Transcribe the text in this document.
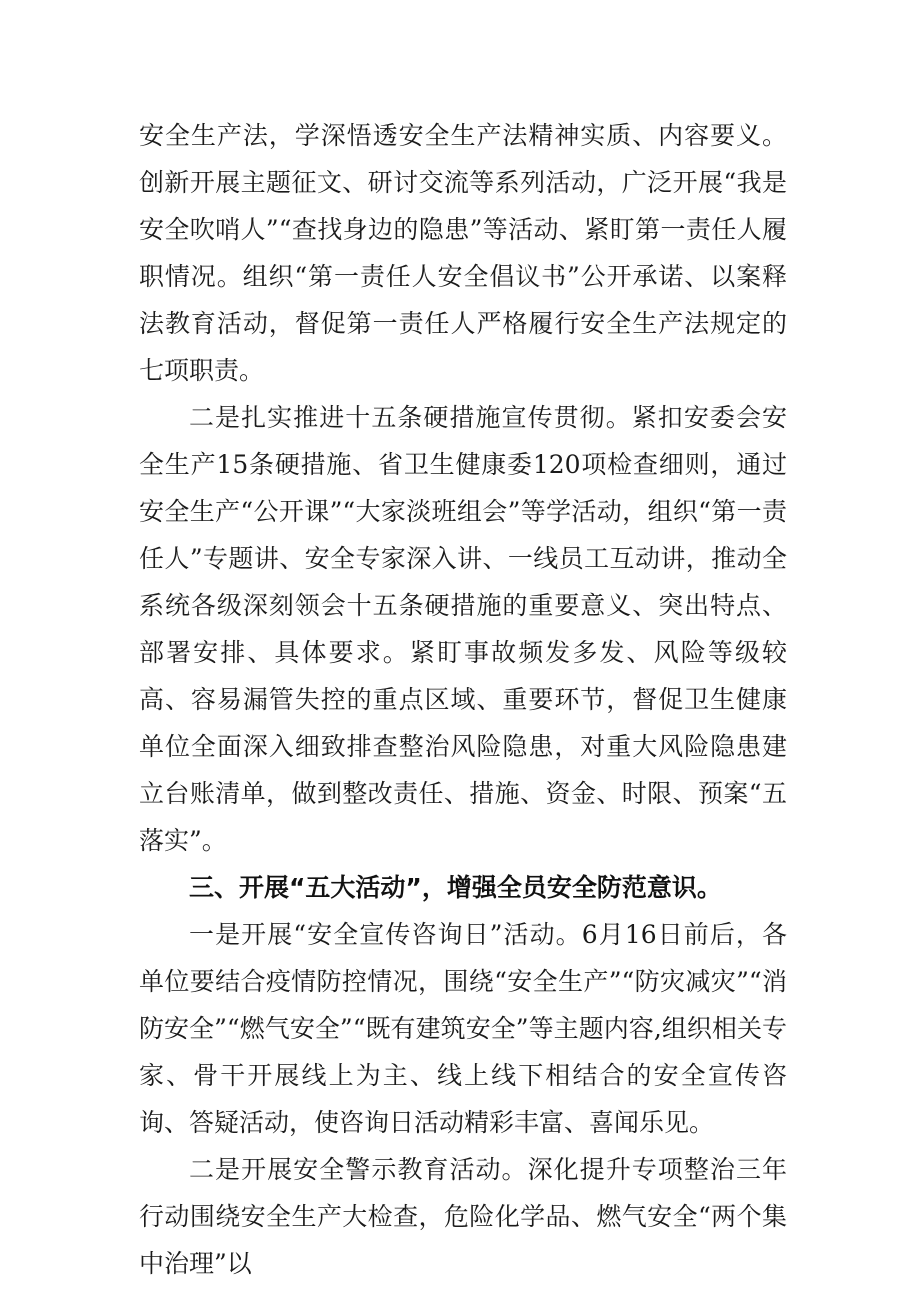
安全生产法，学深悟透安全生产法精神实质、内容要义。创新开展主题征文、研讨交流等系列活动，广泛开展“我是安全吹哨人”“查找身边的隐患”等活动、紧盯第一责任人履职情况。组织“第一责任人安全倡议书”公开承诺、以案释法教育活动，督促第一责任人严格履行安全生产法规定的七项职责。

二是扎实推进十五条硬措施宣传贯彻。紧扣安委会安全生产15条硬措施、省卫生健康委120项检查细则，通过安全生产“公开课”“大家淡班组会”等学活动，组织“第一责任人”专题讲、安全专家深入讲、一线员工互动讲，推动全系统各级深刻领会十五条硬措施的重要意义、突出特点、部署安排、具体要求。紧盯事故频发多发、风险等级较高、容易漏管失控的重点区域、重要环节，督促卫生健康单位全面深入细致排查整治风险隐患，对重大风险隐患建立台账清单，做到整改责任、措施、资金、时限、预案“五落实”。

三、开展“五大活动”，增强全员安全防范意识。

一是开展“安全宣传咨询日”活动。6月16日前后，各单位要结合疫情防控情况，围绕“安全生产”“防灾减灾”“消防安全”“燃气安全”“既有建筑安全”等主题内容,组织相关专家、骨干开展线上为主、线上线下相结合的安全宣传咨询、答疑活动，使咨询日活动精彩丰富、喜闻乐见。

二是开展安全警示教育活动。深化提升专项整治三年行动围绕安全生产大检查，危险化学品、燃气安全“两个集中治理”以
